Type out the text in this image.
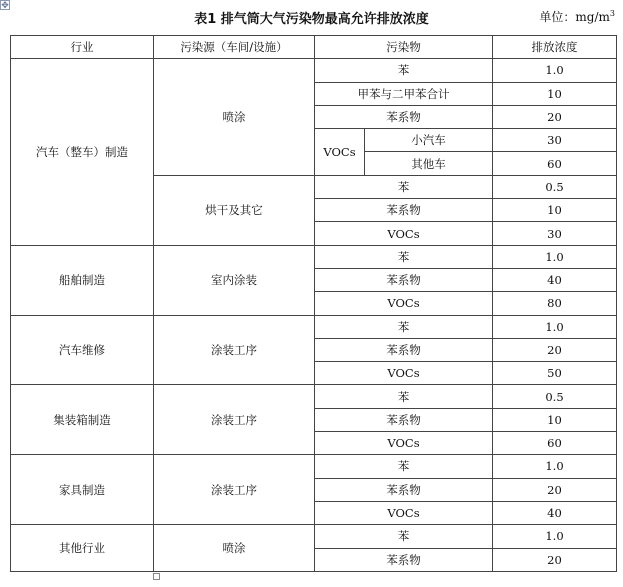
✥
表1 排气筒大气污染物最高允许排放浓度	单位：$mg/m^3$
行业	污染源（车间/设施）	污染物		排放浓度
汽车（整车）制造	喷涂	苯		1.0
		甲苯与二甲苯合计		10
		苯系物		20
		VOCs	小汽车	30
			其他车	60
	烘干及其它	苯		0.5
		苯系物		10
		VOCs		30
船舶制造	室内涂装	苯		1.0
		苯系物		40
		VOCs		80
汽车维修	涂装工序	苯		1.0
		苯系物		20
		VOCs		50
集装箱制造	涂装工序	苯		0.5
		苯系物		10
		VOCs		60
家具制造	涂装工序	苯		1.0
		苯系物		20
		VOCs		40
其他行业	喷涂	苯		1.0
		苯系物		20
